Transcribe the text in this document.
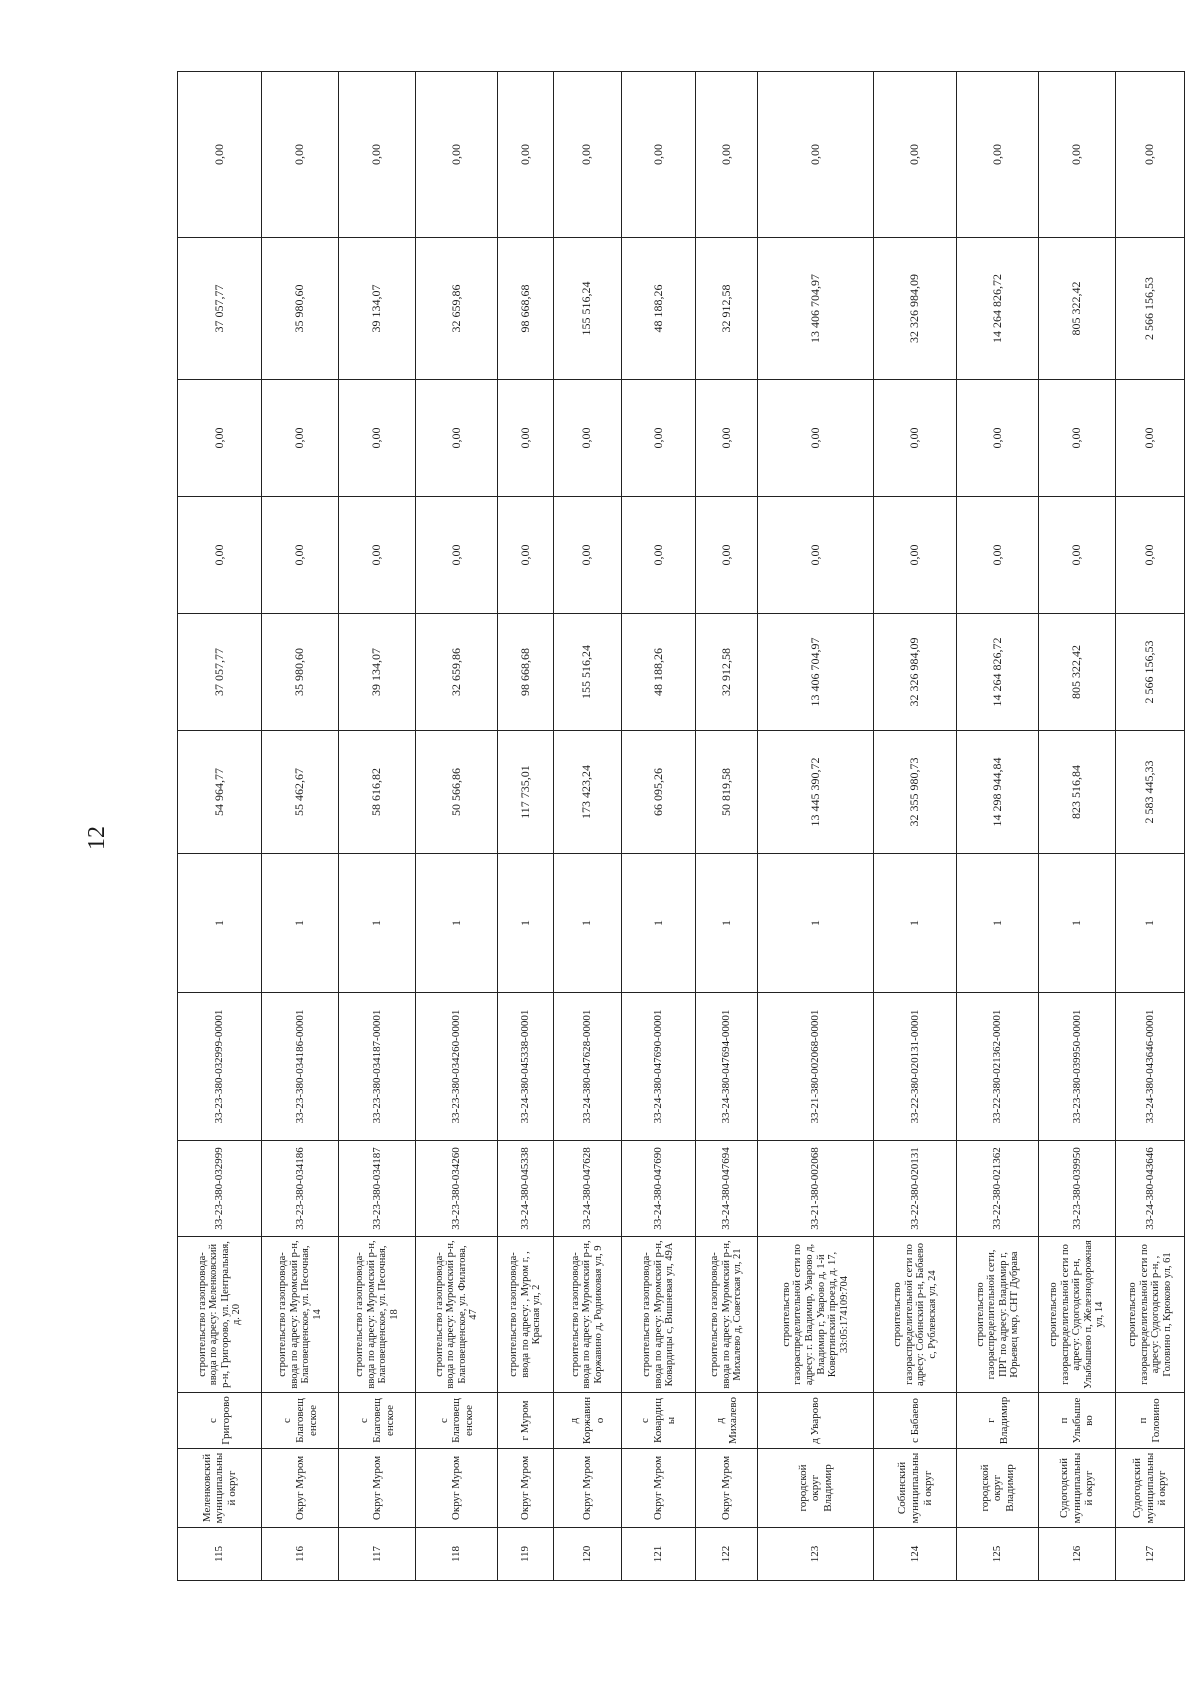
12
115	Меленковский муниципальный округ	с Григорово	строительство газопровода-ввода по адресу: Меленковский р-н, Григорово, ул. Центральная, д. 20	33-23-380-032999	33-23-380-032999-00001	1	54 964,77	37 057,77	0,00	0,00	37 057,77	0,00
116	Округ Муром	с Благовещенское	строительство газопровода-ввода по адресу: Муромский р-н, Благовещенское, ул. Песочная, 14	33-23-380-034186	33-23-380-034186-00001	1	55 462,67	35 980,60	0,00	0,00	35 980,60	0,00
117	Округ Муром	с Благовещенское	строительство газопровода-ввода по адресу: Муромский р-н, Благовещенское, ул. Песочная, 18	33-23-380-034187	33-23-380-034187-00001	1	58 616,82	39 134,07	0,00	0,00	39 134,07	0,00
118	Округ Муром	с Благовещенское	строительство газопровода-ввода по адресу: Муромский р-н, Благовещенское, ул. Филатова, 47	33-23-380-034260	33-23-380-034260-00001	1	50 566,86	32 659,86	0,00	0,00	32 659,86	0,00
119	Округ Муром	г Муром	строительство газопровода-ввода по адресу: , Муром г, , Красная ул, 2	33-24-380-045338	33-24-380-045338-00001	1	117 735,01	98 668,68	0,00	0,00	98 668,68	0,00
120	Округ Муром	д Коржавино	строительство газопровода-ввода по адресу: Муромский р-н, Коржавино д, Родниковая ул, 9	33-24-380-047628	33-24-380-047628-00001	1	173 423,24	155 516,24	0,00	0,00	155 516,24	0,00
121	Округ Муром	с Ковардицы	строительство газопровода-ввода по адресу: Муромский р-н, Ковардицы с, Вишневая ул, 49А	33-24-380-047690	33-24-380-047690-00001	1	66 095,26	48 188,26	0,00	0,00	48 188,26	0,00
122	Округ Муром	д Михалево	строительство газопровода-ввода по адресу: Муромский р-н, Михалево д, Советская ул, 21	33-24-380-047694	33-24-380-047694-00001	1	50 819,58	32 912,58	0,00	0,00	32 912,58	0,00
123	городской округ Владимир	д Уварово	строительство газораспределительной сети по адресу: г. Владимир, Уварово д, Владимир г, Уварово д, 1-й Ковертинский проезд, д. 17, 33:05:174109:704	33-21-380-002068	33-21-380-002068-00001	1	13 445 390,72	13 406 704,97	0,00	0,00	13 406 704,97	0,00
124	Собинский муниципальный округ	с Бабаево	строительство газораспределительной сети по адресу: Собинский р-н, Бабаево с, Рублевская ул, 24	33-22-380-020131	33-22-380-020131-00001	1	32 355 980,73	32 326 984,09	0,00	0,00	32 326 984,09	0,00
125	городской округ Владимир	г Владимир	строительство газораспределительной сети, ПРГ по адресу: Владимир г, Юрьевец мкр, СНТ Дубрава	33-22-380-021362	33-22-380-021362-00001	1	14 298 944,84	14 264 826,72	0,00	0,00	14 264 826,72	0,00
126	Судогодский муниципальный округ	п Улыбышево	строительство газораспределительной сети по адресу: Судогодский р-н, Улыбышево п, Железнодорожная ул, 14	33-23-380-039950	33-23-380-039950-00001	1	823 516,84	805 322,42	0,00	0,00	805 322,42	0,00
127	Судогодский муниципальный округ	п Головино	строительство газораспределительной сети по адресу: Судогодский р-н, , Головино п, Крюково ул, 61	33-24-380-043646	33-24-380-043646-00001	1	2 583 445,33	2 566 156,53	0,00	0,00	2 566 156,53	0,00
